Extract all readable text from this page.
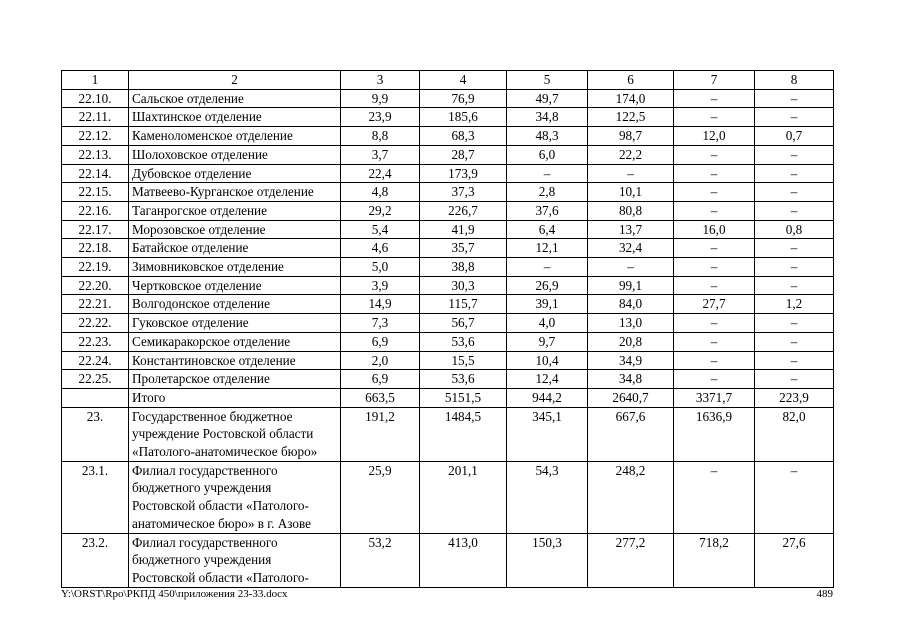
1	2	3	4	5	6	7	8
22.10.	Сальское отделение	9,9	76,9	49,7	174,0	–	–
22.11.	Шахтинское отделение	23,9	185,6	34,8	122,5	–	–
22.12.	Каменоломенское отделение	8,8	68,3	48,3	98,7	12,0	0,7
22.13.	Шолоховское отделение	3,7	28,7	6,0	22,2	–	–
22.14.	Дубовское отделение	22,4	173,9	–	–	–	–
22.15.	Матвеево-Курганское отделение	4,8	37,3	2,8	10,1	–	–
22.16.	Таганрогское отделение	29,2	226,7	37,6	80,8	–	–
22.17.	Морозовское отделение	5,4	41,9	6,4	13,7	16,0	0,8
22.18.	Батайское отделение	4,6	35,7	12,1	32,4	–	–
22.19.	Зимовниковское отделение	5,0	38,8	–	–	–	–
22.20.	Чертковское отделение	3,9	30,3	26,9	99,1	–	–
22.21.	Волгодонское отделение	14,9	115,7	39,1	84,0	27,7	1,2
22.22.	Гуковское отделение	7,3	56,7	4,0	13,0	–	–
22.23.	Семикаракорское отделение	6,9	53,6	9,7	20,8	–	–
22.24.	Константиновское отделение	2,0	15,5	10,4	34,9	–	–
22.25.	Пролетарское отделение	6,9	53,6	12,4	34,8	–	–
	Итого	663,5	5151,5	944,2	2640,7	3371,7	223,9
23.	Государственное бюджетное учреждение Ростовской области «Патолого-анатомическое бюро»	191,2	1484,5	345,1	667,6	1636,9	82,0
23.1.	Филиал государственного бюджетного учреждения Ростовской области «Патолого-анатомическое бюро» в г. Азове	25,9	201,1	54,3	248,2	–	–
23.2.	Филиал государственного бюджетного учреждения Ростовской области «Патолого-	53,2	413,0	150,3	277,2	718,2	27,6
Y:\ORST\Rpo\РКПД 450\приложения 23-33.docx	489
